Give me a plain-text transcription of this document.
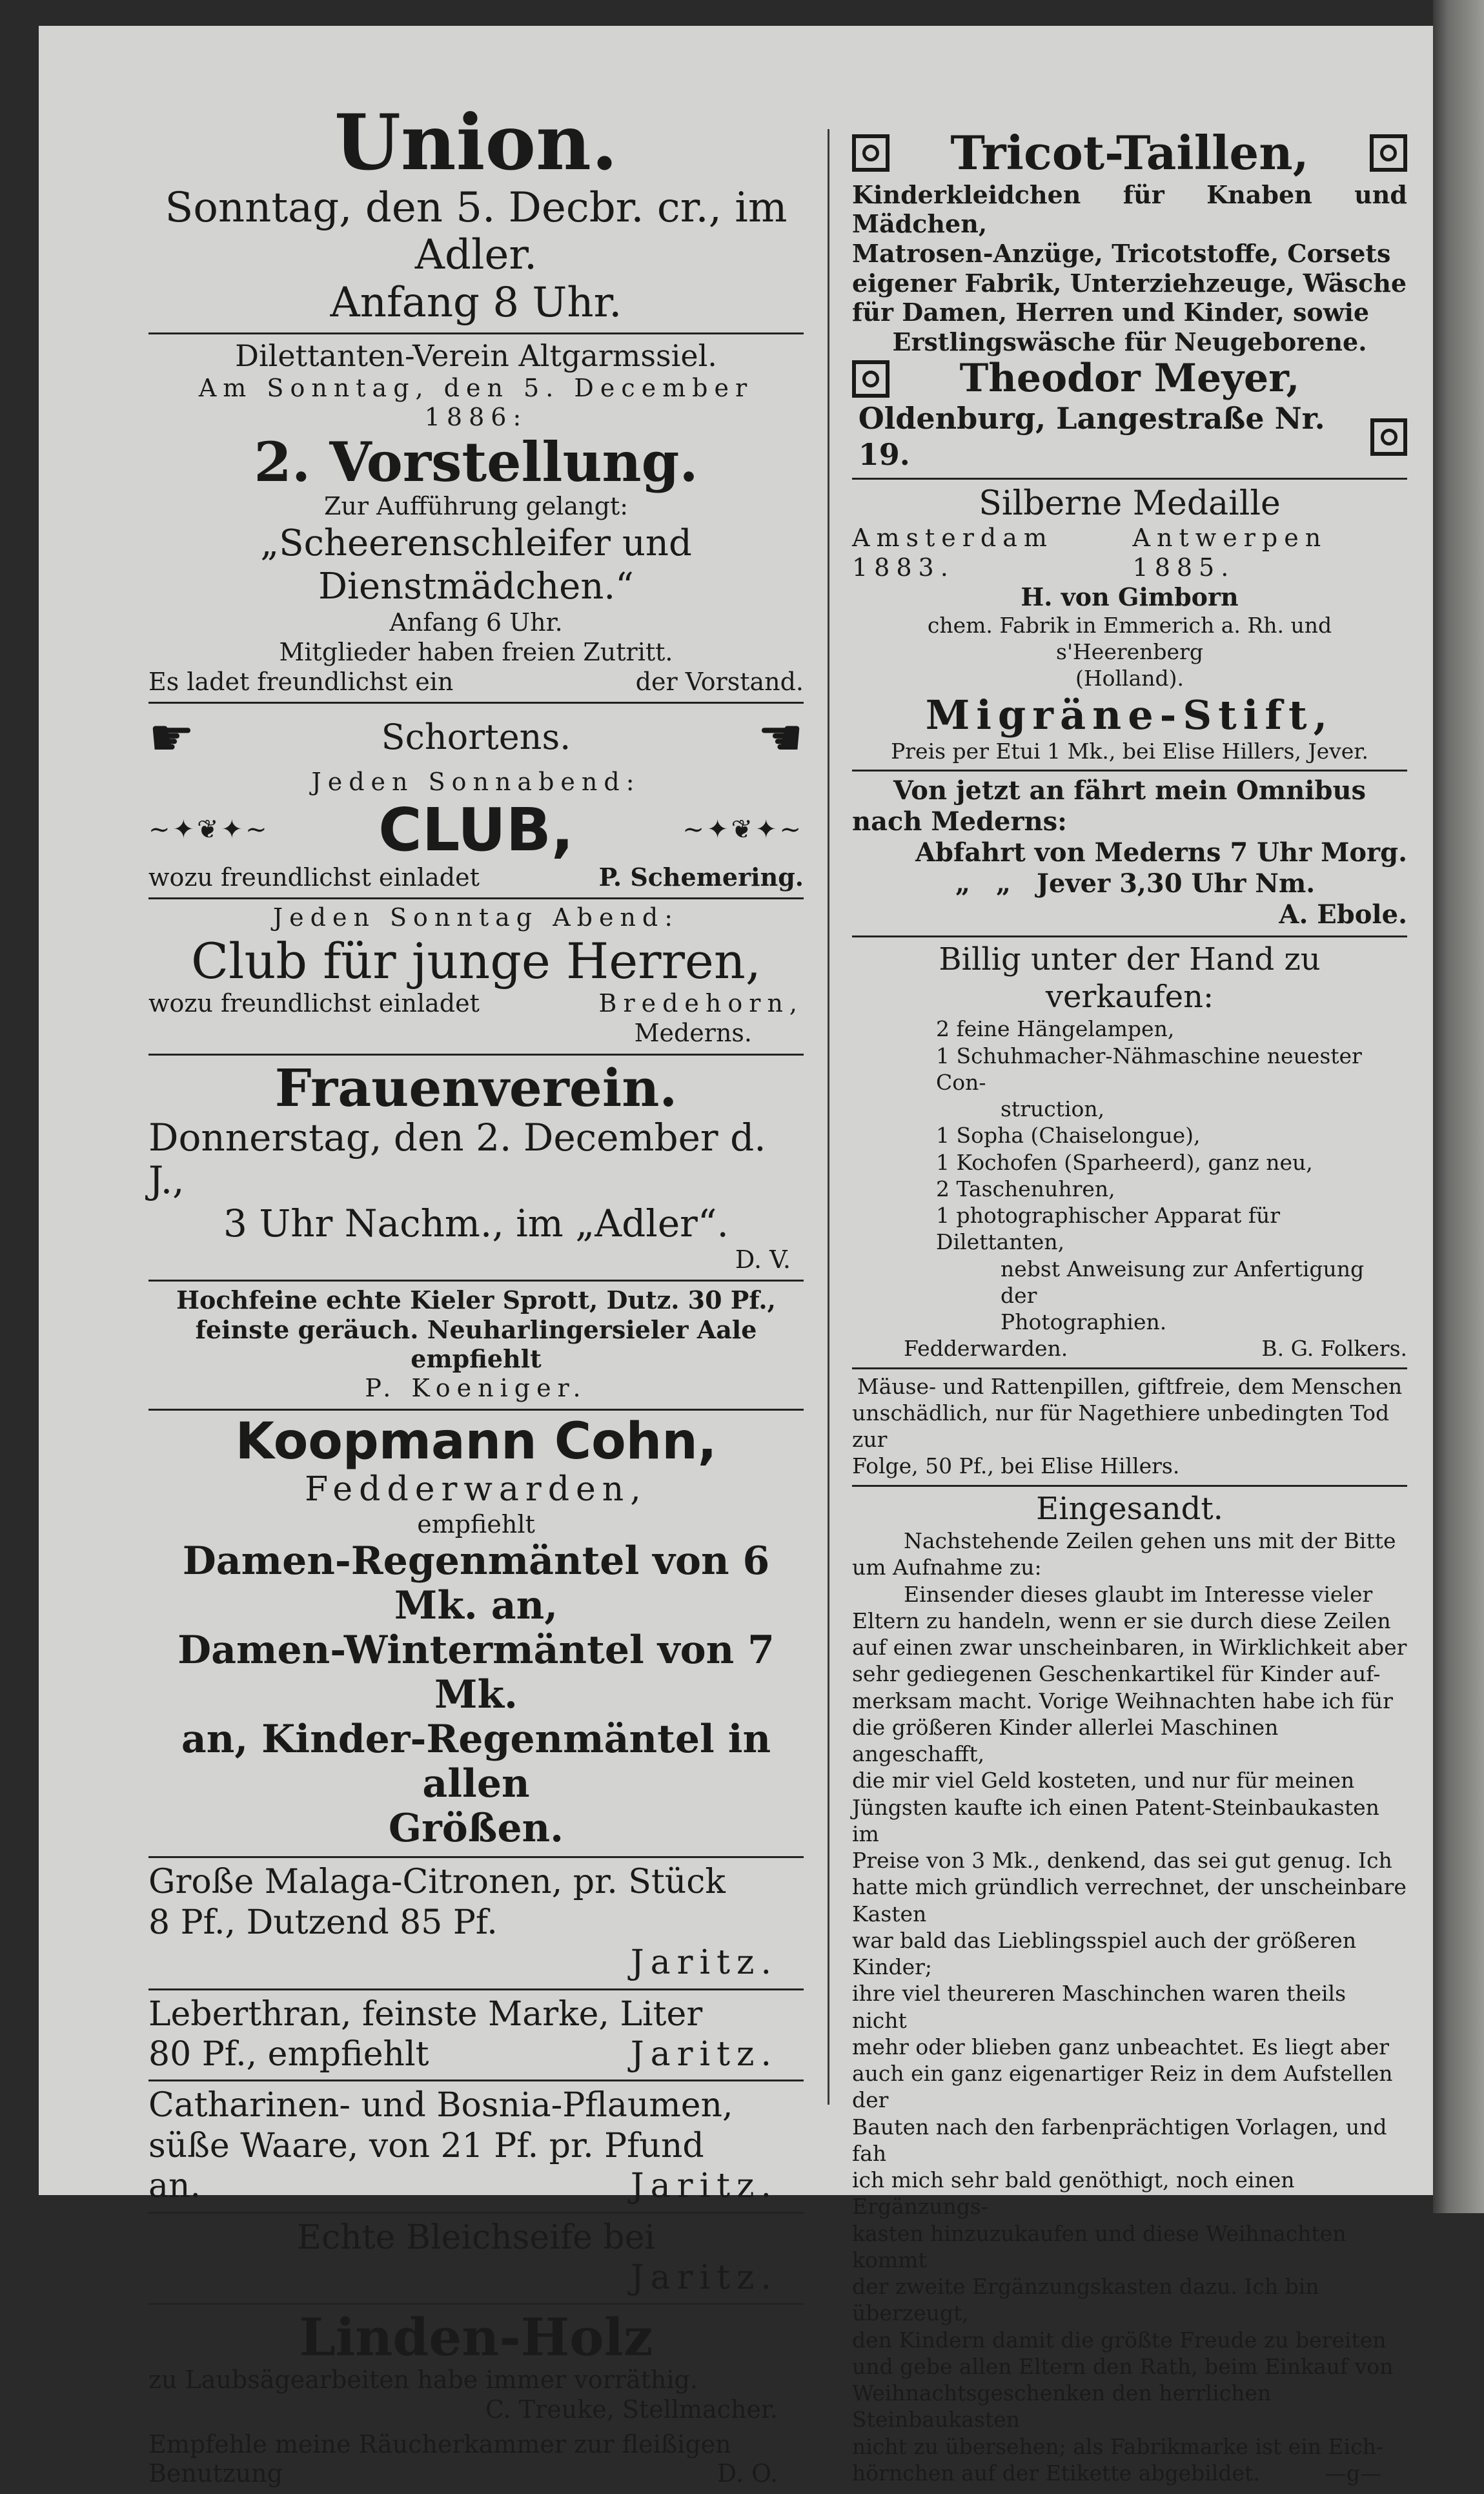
Union.
Sonntag, den 5. Decbr. cr., im Adler.
Anfang 8 Uhr.
Dilettanten-Verein Altgarmssiel.
Am Sonntag, den 5. December 1886:
2. Vorstellung.
Zur Aufführung gelangt:
„Scheerenschleifer und Dienstmädchen.“
Anfang 6 Uhr.
Mitglieder haben freien Zutritt.
Es ladet freundlichst ein	der Vorstand.
☛	Schortens.	☚
Jeden Sonnabend:
~✦❦✦~ CLUB,	~✦❦✦~
wozu freundlichst einladet	P. Schemering.
Jeden Sonntag Abend:
Club für junge Herren,
wozu freundlichst einladet	Bredehorn,
Mederns.
Frauenverein.
Donnerstag, den 2. December d. J.,
3 Uhr Nachm., im „Adler“.
D. V.
Hochfeine echte Kieler Sprott, Dutz. 30 Pf.,
feinste geräuch. Neuharlingersieler Aale empfiehlt
P. Koeniger.
Koopmann Cohn,
Fedderwarden,
empfiehlt
Damen-Regenmäntel von 6 Mk. an,
Damen-Wintermäntel von 7 Mk.
an, Kinder-Regenmäntel in allen
Größen.
Große Malaga-Citronen, pr. Stück
8 Pf., Dutzend 85 Pf.
Jaritz.
Leberthran, feinste Marke, Liter
80 Pf., empfiehlt	Jaritz.
Catharinen- und Bosnia-Pflaumen,
süße Waare, von 21 Pf. pr. Pfund
an.	Jaritz.
Echte Bleichseife bei
Jaritz.
Linden-Holz
zu Laubsägearbeiten habe immer vorräthig.
C. Treuke, Stellmacher.
Empfehle meine Räucherkammer zur fleißigen
Benutzung	D. O.
Tricot-Taillen,
Kinderkleidchen für Knaben und Mädchen,
Matrosen-Anzüge, Tricotstoffe, Corsets
eigener Fabrik, Unterziehzeuge, Wäsche
für Damen, Herren und Kinder, sowie
Erstlingswäsche für Neugeborene.
Theodor Meyer,
Oldenburg, Langestraße Nr. 19.
Silberne Medaille
Amsterdam 1883.
Antwerpen 1885.
H. von Gimborn
chem. Fabrik in Emmerich a. Rh. und s'Heerenberg
(Holland).
Migräne-Stift,
Preis per Etui 1 Mk., bei Elise Hillers, Jever.
Von jetzt an fährt mein Omnibus
nach Mederns:
Abfahrt von Mederns 7 Uhr Morg.
„ „ Jever 3,30 Uhr Nm.
A. Ebole.
Billig unter der Hand zu verkaufen:
2 feine Hängelampen,
1 Schuhmacher-Nähmaschine neuester Con-
struction,
1 Sopha (Chaiselongue),
1 Kochofen (Sparheerd), ganz neu,
2 Taschenuhren,
1 photographischer Apparat für Dilettanten,
nebst Anweisung zur Anfertigung der
Photographien.
Fedderwarden.	B. G. Folkers.
Mäuse- und Rattenpillen, giftfreie, dem Menschen
unschädlich, nur für Nagethiere unbedingten Tod zur
Folge, 50 Pf., bei Elise Hillers.
Eingesandt.
Nachstehende Zeilen gehen uns mit der Bitte
um Aufnahme zu:
Einsender dieses glaubt im Interesse vieler
Eltern zu handeln, wenn er sie durch diese Zeilen
auf einen zwar unscheinbaren, in Wirklichkeit aber
sehr gediegenen Geschenkartikel für Kinder auf-
merksam macht. Vorige Weihnachten habe ich für
die größeren Kinder allerlei Maschinen angeschafft,
die mir viel Geld kosteten, und nur für meinen
Jüngsten kaufte ich einen Patent-Steinbaukasten im
Preise von 3 Mk., denkend, das sei gut genug. Ich
hatte mich gründlich verrechnet, der unscheinbare Kasten
war bald das Lieblingsspiel auch der größeren Kinder;
ihre viel theureren Maschinchen waren theils nicht
mehr oder blieben ganz unbeachtet. Es liegt aber
auch ein ganz eigenartiger Reiz in dem Aufstellen der
Bauten nach den farbenprächtigen Vorlagen, und fah
ich mich sehr bald genöthigt, noch einen Ergänzungs-
kasten hinzuzukaufen und diese Weihnachten kommt
der zweite Ergänzungskasten dazu. Ich bin überzeugt,
den Kindern damit die größte Freude zu bereiten
und gebe allen Eltern den Rath, beim Einkauf von
Weihnachtsgeschenken den herrlichen Steinbaukasten
nicht zu übersehen; als Fabrikmarke ist ein Eich-
hörnchen auf der Etikette abgebildet.	—g—
